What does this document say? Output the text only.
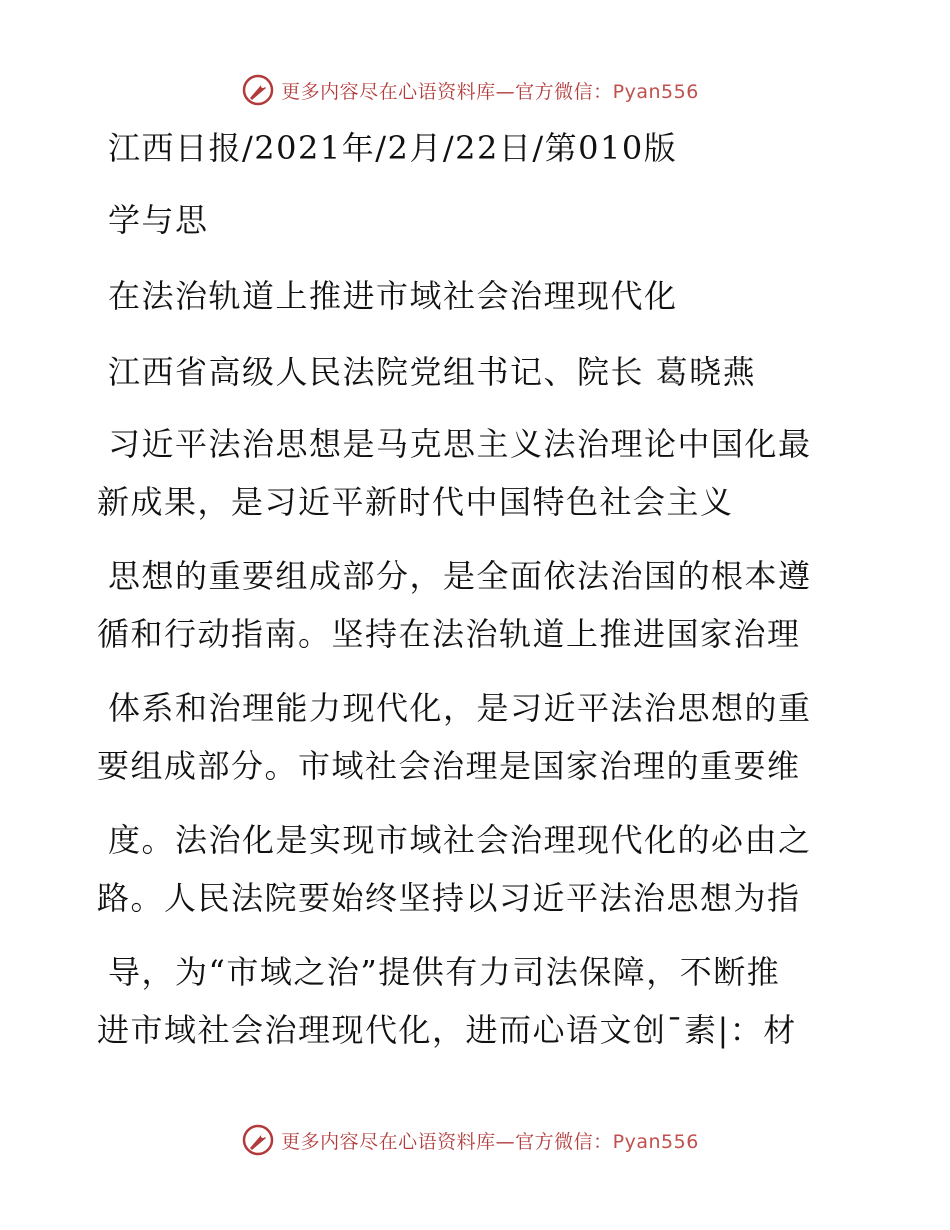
更多内容尽在心语资料库—官方微信：Pyan556
江西日报/2021年/2月/22日/第010版
学与思
在法治轨道上推进市域社会治理现代化
江西省高级人民法院党组书记、院长 葛晓燕
习近平法治思想是马克思主义法治理论中国化最
新成果，是习近平新时代中国特色社会主义
思想的重要组成部分，是全面依法治国的根本遵
循和行动指南。坚持在法治轨道上推进国家治理
体系和治理能力现代化，是习近平法治思想的重
要组成部分。市域社会治理是国家治理的重要维
度。法治化是实现市域社会治理现代化的必由之
路。人民法院要始终坚持以习近平法治思想为指
导，为“市域之治”提供有力司法保障，不断推
进市域社会治理现代化，进而心语文创¯素|：材
更多内容尽在心语资料库—官方微信：Pyan556
